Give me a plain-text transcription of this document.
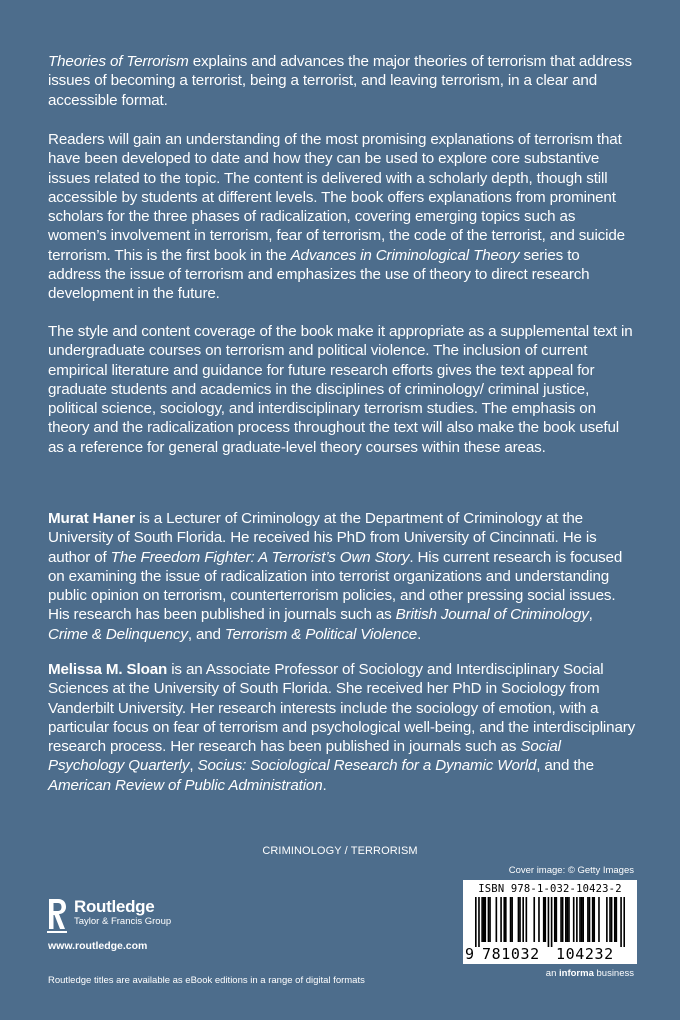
Theories of Terrorism explains and advances the major theories of terrorism that address issues of becoming a terrorist, being a terrorist, and leaving terrorism, in a clear and accessible format.

Readers will gain an understanding of the most promising explanations of terrorism that have been developed to date and how they can be used to explore core substantive issues related to the topic. The content is delivered with a scholarly depth, though still accessible by students at different levels. The book offers explanations from prominent scholars for the three phases of radicalization, covering emerging topics such as women’s involvement in terrorism, fear of terrorism, the code of the terrorist, and suicide terrorism. This is the first book in the Advances in Criminological Theory series to address the issue of terrorism and emphasizes the use of theory to direct research development in the future.

The style and content coverage of the book make it appropriate as a supplemental text in undergraduate courses on terrorism and political violence. The inclusion of current empirical literature and guidance for future research efforts gives the text appeal for graduate students and academics in the disciplines of criminology/ criminal justice, political science, sociology, and interdisciplinary terrorism studies. The emphasis on theory and the radicalization process throughout the text will also make the book useful as a reference for general graduate-level theory courses within these areas.

Murat Haner is a Lecturer of Criminology at the Department of Criminology at the University of South Florida. He received his PhD from University of Cincinnati. He is author of The Freedom Fighter: A Terrorist’s Own Story. His current research is focused on examining the issue of radicalization into terrorist organizations and understanding public opinion on terrorism, counterterrorism policies, and other pressing social issues. His research has been published in journals such as British Journal of Criminology, Crime & Delinquency, and Terrorism & Political Violence.

Melissa M. Sloan is an Associate Professor of Sociology and Interdisciplinary Social Sciences at the University of South Florida. She received her PhD in Sociology from Vanderbilt University. Her research interests include the sociology of emotion, with a particular focus on fear of terrorism and psychological well-being, and the interdisciplinary research process. Her research has been published in journals such as Social Psychology Quarterly, Socius: Sociological Research for a Dynamic World, and the American Review of Public Administration.

CRIMINOLOGY / TERRORISM
Cover image: © Getty Images
Routledge
Taylor & Francis Group
www.routledge.com
Routledge titles are available as eBook editions in a range of digital formats
ISBN 978-1-032-10423-2
9 781032 104232
an informa business
